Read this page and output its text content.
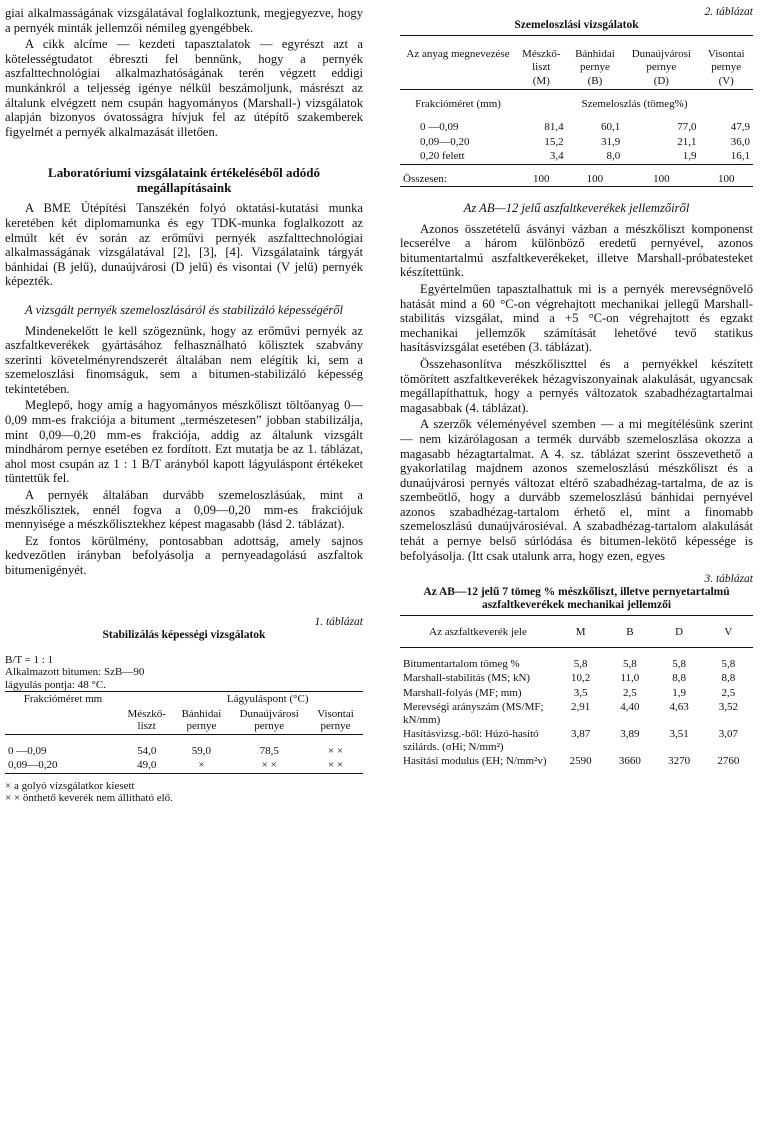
giai alkalmasságának vizsgálatával foglalkoztunk, megjegyezve, hogy a pernyék minták jellemzői némileg gyengébbek.

A cikk alcíme — kezdeti tapasztalatok — egyrészt azt a kötelességtudatot ébreszti fel bennünk, hogy a pernyék aszfalttechnológiai alkalmazhatóságának terén végzett eddigi munkánkról a teljesség igénye nélkül beszámoljunk, másrészt az általunk elvégzett nem csupán hagyományos (Marshall-) vizsgálatok alapján bizonyos óvatosságra hívjuk fel az útépítő szakemberek figyelmét a pernyék alkalmazását illetően.

Laboratóriumi vizsgálataink értékeléséből adódó megállapításaink

A BME Útépítési Tanszékén folyó oktatási-kutatási munka keretében két diplomamunka és egy TDK-munka foglalkozott az elmúlt két év során az erőművi pernyék aszfalttechnológiai alkalmasságának vizsgálatával [2], [3], [4]. Vizsgálataink tárgyát bánhidai (B jelű), dunaújvárosi (D jelű) és visontai (V jelű) pernyék képezték.

A vizsgált pernyék szemeloszlásáról és stabilizáló képességéről

Mindenekelőtt le kell szögeznünk, hogy az erőművi pernyék az aszfaltkeverékek gyártásához felhasználható kőlisztek szabvány szerinti követelményrendszerét általában nem elégítik ki, sem a szemeloszlási finomságuk, sem a bitumen-stabilizáló képesség tekintetében.

Meglepő, hogy amíg a hagyományos mészkőliszt töltőanyag 0—0,09 mm-es frakciója a bitument „természetesen” jobban stabilizálja, mint 0,09—0,20 mm-es frakciója, addig az általunk vizsgált mindhárom pernye esetében ez fordított. Ezt mutatja be az 1. táblázat, ahol most csupán az 1 : 1 B/T arányból kapott lágyuláspont értékeket tüntettük fel.

A pernyék általában durvább szemeloszlásúak, mint a mészkőlisztek, ennél fogva a 0,09—0,20 mm-es frakciójuk mennyisége a mészkőlisztekhez képest magasabb (lásd 2. táblázat).

Ez fontos körülmény, pontosabban adottság, amely sajnos kedvezőtlen irányban befolyásolja a pernyeadagolású aszfaltok bitumenigényét.

1. táblázat

Stabilizálás képességi vizsgálatok

B/T = 1 : 1

Alkalmazott bitumen: SzB—90

lágyulás pontja: 48 °C.

Frakcióméret mm		Lágyuláspont (°C)		
	Mészkő-liszt	Bánhidai pernye	Dunaújvárosi pernye	Visontai pernye
0 —0,09	54,0	59,0	78,5	× ×
0,09—0,20	49,0	×	× ×	× ×

× a golyó vizsgálatkor kiesett

× × önthető keverék nem állítható elő.

2. táblázat

Szemeloszlási vizsgálatok

Az anyag megnevezése	Mészkő-liszt	Bánhidai pernye	Dunaújvárosi pernye	Visontai pernye
	(M)	(B)	(D)	(V)
Frakcióméret (mm)	Szemeloszlás (tömeg%)			
0 —0,09	81,4	60,1	77,0	47,9
0,09—0,20	15,2	31,9	21,1	36,0
0,20 felett	3,4	8,0	1,9	16,1
Összesen:	100	100	100	100
Az AB—12 jelű aszfaltkeverékek jellemzőiről

Azonos összetételű ásványi vázban a mészkőliszt komponenst lecserélve a három különböző eredetű pernyével, azonos bitumentartalmú aszfaltkeverékeket, illetve Marshall-próbatesteket készítettünk.

Egyértelműen tapasztalhattuk mi is a pernyék merevségnövelő hatását mind a 60 °C-on végrehajtott mechanikai jellegű Marshall-stabilitás vizsgálat, mind a +5 °C-on végrehajtott és egzakt mechanikai jellemzők számítását lehetővé tevő statikus hasításvizsgálat esetében (3. táblázat).

Összehasonlítva mészkőliszttel és a pernyékkel készített tömörített aszfaltkeverékek hézagviszonyainak alakulását, ugyancsak megállapíthattuk, hogy a pernyés változatok szabadhézagtartalmai magasabbak (4. táblázat).

A szerzők véleményével szemben — a mi megítélésünk szerint — nem kizárólagosan a termék durvább szemeloszlása okozza a magasabb hézagtartalmat. A 4. sz. táblázat szerint összevethető a gyakorlatilag majdnem azonos szemeloszlású mészkőliszt és a dunaújvárosi pernyés változat eltérő szabadhézag-tartalma, de az is szembeötlő, hogy a durvább szemeloszlású bánhidai pernyével azonos szabadhézag-tartalom érhető el, mint a finomabb szemeloszlású dunaújvárosiéval. A szabadhézag-tartalom alakulását tehát a pernye belső súrlódása és bitumen-lekötő képessége is befolyásolja. (Itt csak utalunk arra, hogy ezen, egyes

3. táblázat

Az AB—12 jelű 7 tömeg % mészkőliszt, illetve pernyetartalmú aszfaltkeverékek mechanikai jellemzői

Az aszfaltkeverék jele	M	B	D	V
Bitumentartalom tömeg %	5,8	5,8	5,8	5,8
Marshall-stabilitás (MS; kN)	10,2	11,0	8,8	8,8
Marshall-folyás (MF; mm)	3,5	2,5	1,9	2,5
Merevségi arányszám (MS/MF; kN/mm)	2,91	4,40	4,63	3,52
Hasításvizsg.-ből: Húzó-hasító szilárds. (σHi; N/mm²)	3,87	3,89	3,51	3,07
Hasítási modulus (EH; N/mm²v)	2590	3660	3270	2760
